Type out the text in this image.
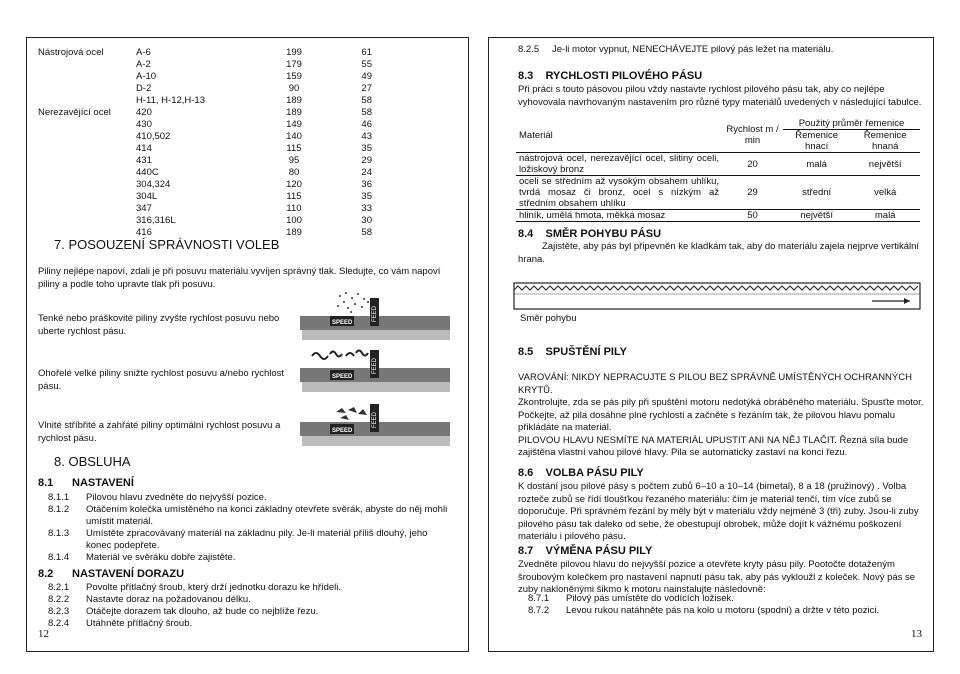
Nástrojová ocel	A-6	199	61
	A-2	179	55
	A-10	159	49
	D-2	90	27
	H-11, H-12,H-13	189	58
Nerezavějící ocel	420	189	58
	430	149	46
	410,502	140	43
	414	115	35
	431	95	29
	440C	80	24
	304,324	120	36
	304L	115	35
	347	110	33
	316,316L	100	30
	416	189	58
7. POSOUZENÍ SPRÁVNOSTI VOLEB
Piliny nejlépe napoví, zdali je při posuvu materiálu vyvíjen správný tlak. Sledujte, co vám napoví piliny a podle toho upravte tlak při posuvu.
Tenké nebo práškovité piliny zvyšte rychlost posuvu nebo uberte rychlost pásu.
Ohořelé velké piliny snižte rychlost posuvu a/nebo rychlost pásu.
Vlnité stříbřité a zahřáté piliny optimální rychlost posuvu a rychlost pásu.
SPEED
FEED
SPEED
FEED
SPEED
FEED
8. OBSLUHA
8.1 NASTAVENÍ
8.1.1	Pilovou hlavu zvedněte do nejvyšší pozice.
8.1.2	Otáčením kolečka umístěného na konci základny otevřete svěrák, abyste do něj mohli umístit materiál.
8.1.3	Umístěte zpracovávaný materiál na základnu pily. Je-li materiál příliš dlouhý, jeho konec podepřete.
8.1.4	Materiál ve svěráku dobře zajistěte.
8.2 NASTAVENÍ DORAZU
8.2.1	Povolte přítlačný šroub, který drží jednotku dorazu ke hřídeli.
8.2.2	Nastavte doraz na požadovanou délku.
8.2.3	Otáčejte dorazem tak dlouho, až bude co nejblíže řezu.
8.2.4	Utáhněte přítlačný šroub.
12
8.2.5 Je-li motor vypnut, NENECHÁVEJTE pilový pás ležet na materiálu.
8.3    RYCHLOSTI PILOVÉHO PÁSU
Při práci s touto pásovou pilou vždy nastavte rychlost pilového pásu tak, aby co nejlépe vyhovovala navrhovaným nastavením pro různé typy materiálů uvedených v následující tabulce.
Materiál	Rychlost m / min	Použitý průměr řemenice	
		Řemenice hnací	Řemenice hnaná
nástrojová ocel, nerezavějící ocel, slitiny oceli, ložiskový bronz	20	malá	největší
oceli se středním až vysokým obsahem uhlíku, tvrdá mosaz či bronz, ocel s nízkým až středním obsahem uhlíku	29	střední	velká
hliník, umělá hmota, měkká mosaz	50	největší	malá
8.4    SMĚR POHYBU PÁSU
Zajistěte, aby pás byl připevněn ke kladkám tak, aby do materiálu zajela nejprve vertikální hrana.
Směr pohybu
8.5    SPUŠTĚNÍ PILY
VAROVÁNÍ: NIKDY NEPRACUJTE S PILOU BEZ SPRÁVNĚ UMÍSTĚNÝCH OCHRANNÝCH KRYTŮ.
Zkontrolujte, zda se pás pily při spuštění motoru nedotýká obráběného materiálu. Spusťte motor. Počkejte, až pila dosáhne plné rychlosti a začněte s řezáním tak, že pilovou hlavu pomalu přikládáte na materiál.
PILOVOU HLAVU NESMÍTE NA MATERIÁL UPUSTIT ANI NA NĚJ TLAČIT. Řezná síla bude zajištěna vlastní vahou pilové hlavy. Pila se automaticky zastaví na konci řezu.
8.6    VOLBA PÁSU PILY
K dostání jsou pilové pásy s počtem zubů 6–10 a 10–14 (bimetal), 8 a 18 (pružinový) . Volba rozteče zubů se řídí tloušťkou řezaného materiálu: čím je materiál tenčí, tím více zubů se doporučuje. Při správném řezání by měly být v materiálu vždy nejméně 3 (tři) zuby. Jsou-li zuby pilového pásu tak daleko od sebe, že obestupují obrobek, může dojít k vážnému poškození materiálu i pilového pásu.
8.7    VÝMĚNA PÁSU PILY
Zvedněte pilovou hlavu do nejvyšší pozice a otevřete kryty pásu pily. Pootočte dotaženým šroubovým kolečkem pro nastavení napnutí pásu tak, aby pás vykloužl z koleček. Nový pás se zuby nakloněnými šikmo k motoru nainstalujte následovně:
8.7.1	Pilový pás umístěte do vodících ložisek.
8.7.2	Levou rukou natáhněte pás na kolo u motoru (spodní) a držte v této pozici.
13
